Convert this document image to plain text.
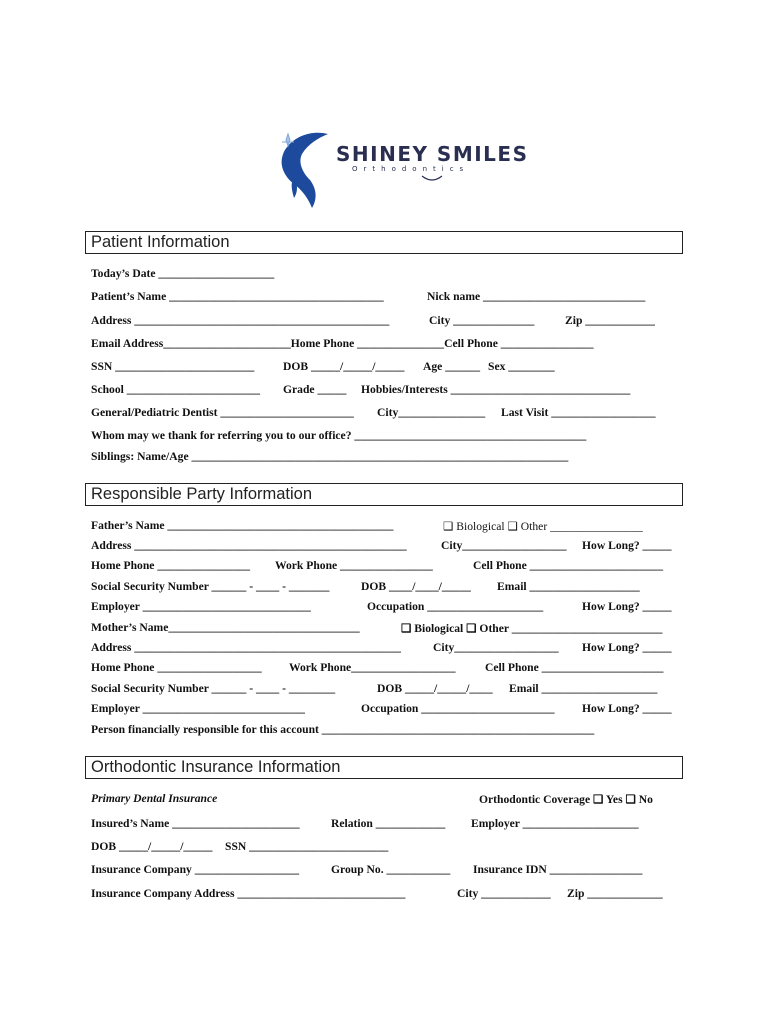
SHINEY SMILES
Orthodontics
Patient Information
Today’s Date ____________________
Patient’s Name _____________________________________	Nick name ____________________________
Address ____________________________________________	City ______________	Zip ____________
Email Address______________________Home Phone _______________Cell Phone ________________
SSN ________________________ DOB _____/_____/_____ Age ______ Sex ________
School _______________________ Grade _____ Hobbies/Interests _______________________________
General/Pediatric Dentist _______________________ City_______________ Last Visit __________________
Whom may we thank for referring you to our office? ________________________________________
Siblings: Name/Age _________________________________________________________________
Responsible Party Information
Father’s Name _______________________________________	❑ Biological ❑ Other ________________
Address _______________________________________________	City__________________ How Long? _____
Home Phone ________________ Work Phone ________________	Cell Phone _______________________
Social Security Number ______ - ____ - _______	DOB ____/____/_____ Email ___________________
Employer _____________________________	Occupation ____________________	How Long? _____
Mother’s Name_________________________________	❑ Biological ❑ Other __________________________
Address ______________________________________________	City__________________ How Long? _____
Home Phone __________________ Work Phone__________________	Cell Phone _____________________
Social Security Number ______ - ____ - ________	DOB _____/_____/____ Email ____________________
Employer ____________________________	Occupation _______________________ How Long? _____
Person financially responsible for this account _______________________________________________
Orthodontic Insurance Information
Primary Dental Insurance	Orthodontic Coverage ❑ Yes ❑ No
Insured’s Name ______________________	Relation ____________ Employer ____________________
DOB _____/_____/_____ SSN ________________________
Insurance Company __________________	Group No. ___________ Insurance IDN ________________
Insurance Company Address _____________________________	City ____________ Zip _____________
